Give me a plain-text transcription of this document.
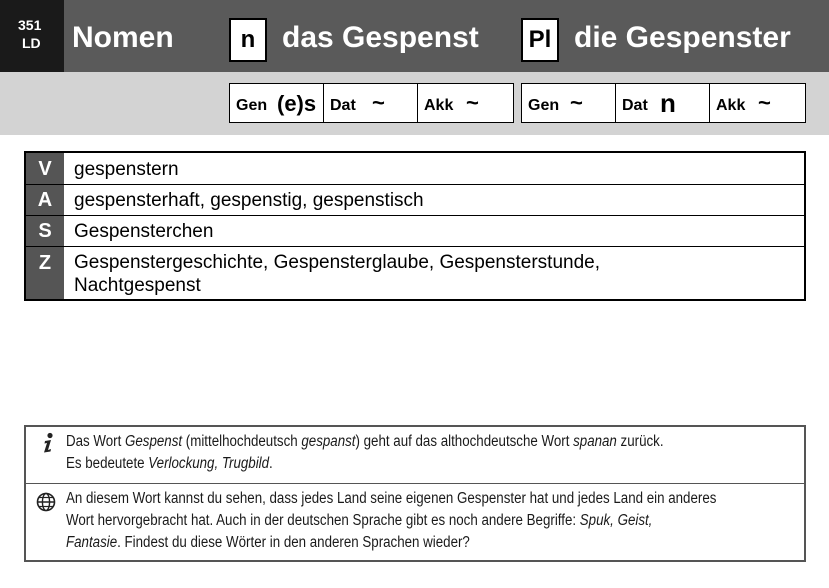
351
LD Nomen	n das Gespenst	Pl die Gespenster
Gen (e)s Dat ~ Akk ~	Gen ~ Dat n	Akk ~
V	gespenstern
A	gespensterhaft, gespenstig, gespenstisch
S	Gespensterchen
Z	Gespenstergeschichte, Gespensterglaube, Gespensterstunde,
Nachtgespenst
Das Wort Gespenst (mittelhochdeutsch gespanst) geht auf das althochdeutsche Wort spanan zurück.
Es bedeutete Verlockung, Trugbild.
An diesem Wort kannst du sehen, dass jedes Land seine eigenen Gespenster hat und jedes Land ein anderes
Wort hervorgebracht hat. Auch in der deutschen Sprache gibt es noch andere Begriffe: Spuk, Geist,
Fantasie. Findest du diese Wörter in den anderen Sprachen wieder?
